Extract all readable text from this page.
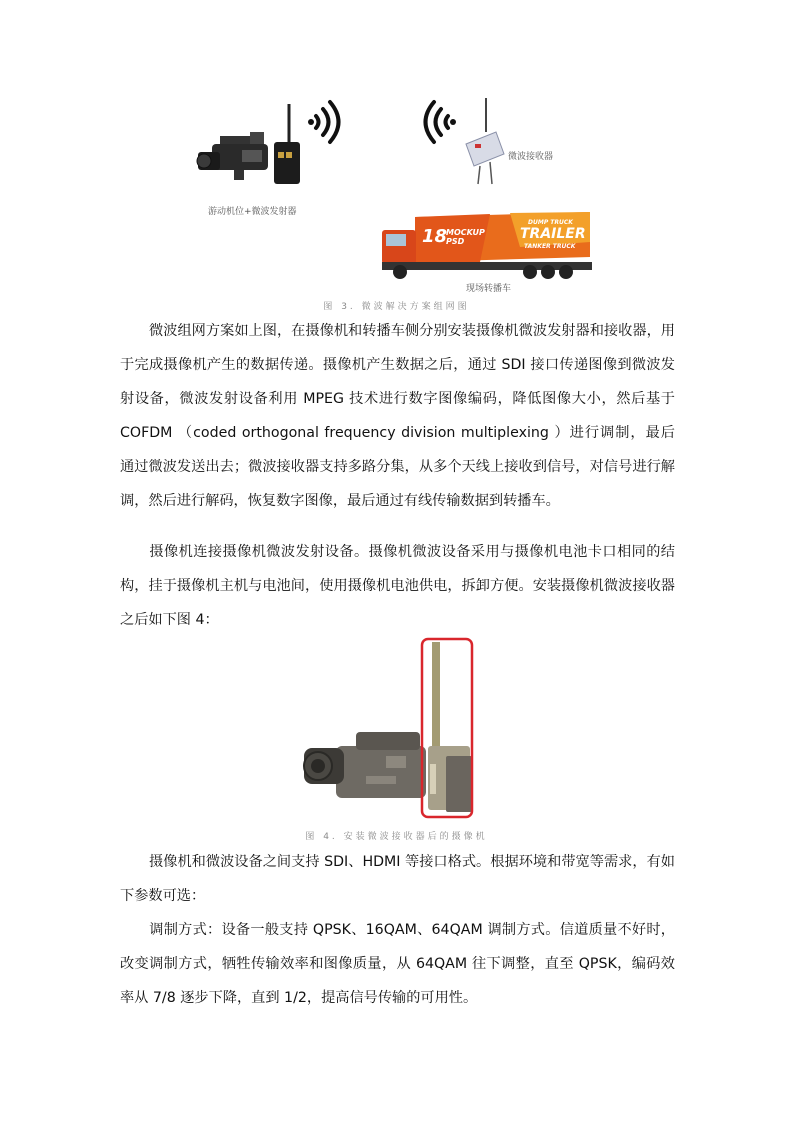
18
MOCKUP
PSD
DUMP TRUCK
TRAILER
TANKER TRUCK
游动机位+微波发射器
微波接收器
现场转播车
图 3. 微波解决方案组网图

微波组网方案如上图，在摄像机和转播车侧分别安装摄像机微波发射器和接收器，用于完成摄像机产生的数据传递。摄像机产生数据之后，通过 SDI 接口传递图像到微波发射设备，微波发射设备利用 MPEG 技术进行数字图像编码，降低图像大小，然后基于 COFDM （coded orthogonal frequency division multiplexing ）进行调制，最后通过微波发送出去；微波接收器支持多路分集，从多个天线上接收到信号，对信号进行解调，然后进行解码，恢复数字图像，最后通过有线传输数据到转播车。

摄像机连接摄像机微波发射设备。摄像机微波设备采用与摄像机电池卡口相同的结构，挂于摄像机主机与电池间，使用摄像机电池供电，拆卸方便。安装摄像机微波接收器之后如下图 4：

图 4. 安装微波接收器后的摄像机

摄像机和微波设备之间支持 SDI、HDMI 等接口格式。根据环境和带宽等需求，有如下参数可选：

调制方式：设备一般支持 QPSK、16QAM、64QAM 调制方式。信道质量不好时，改变调制方式，牺牲传输效率和图像质量，从 64QAM 往下调整，直至 QPSK，编码效率从 7/8 逐步下降，直到 1/2，提高信号传输的可用性。
